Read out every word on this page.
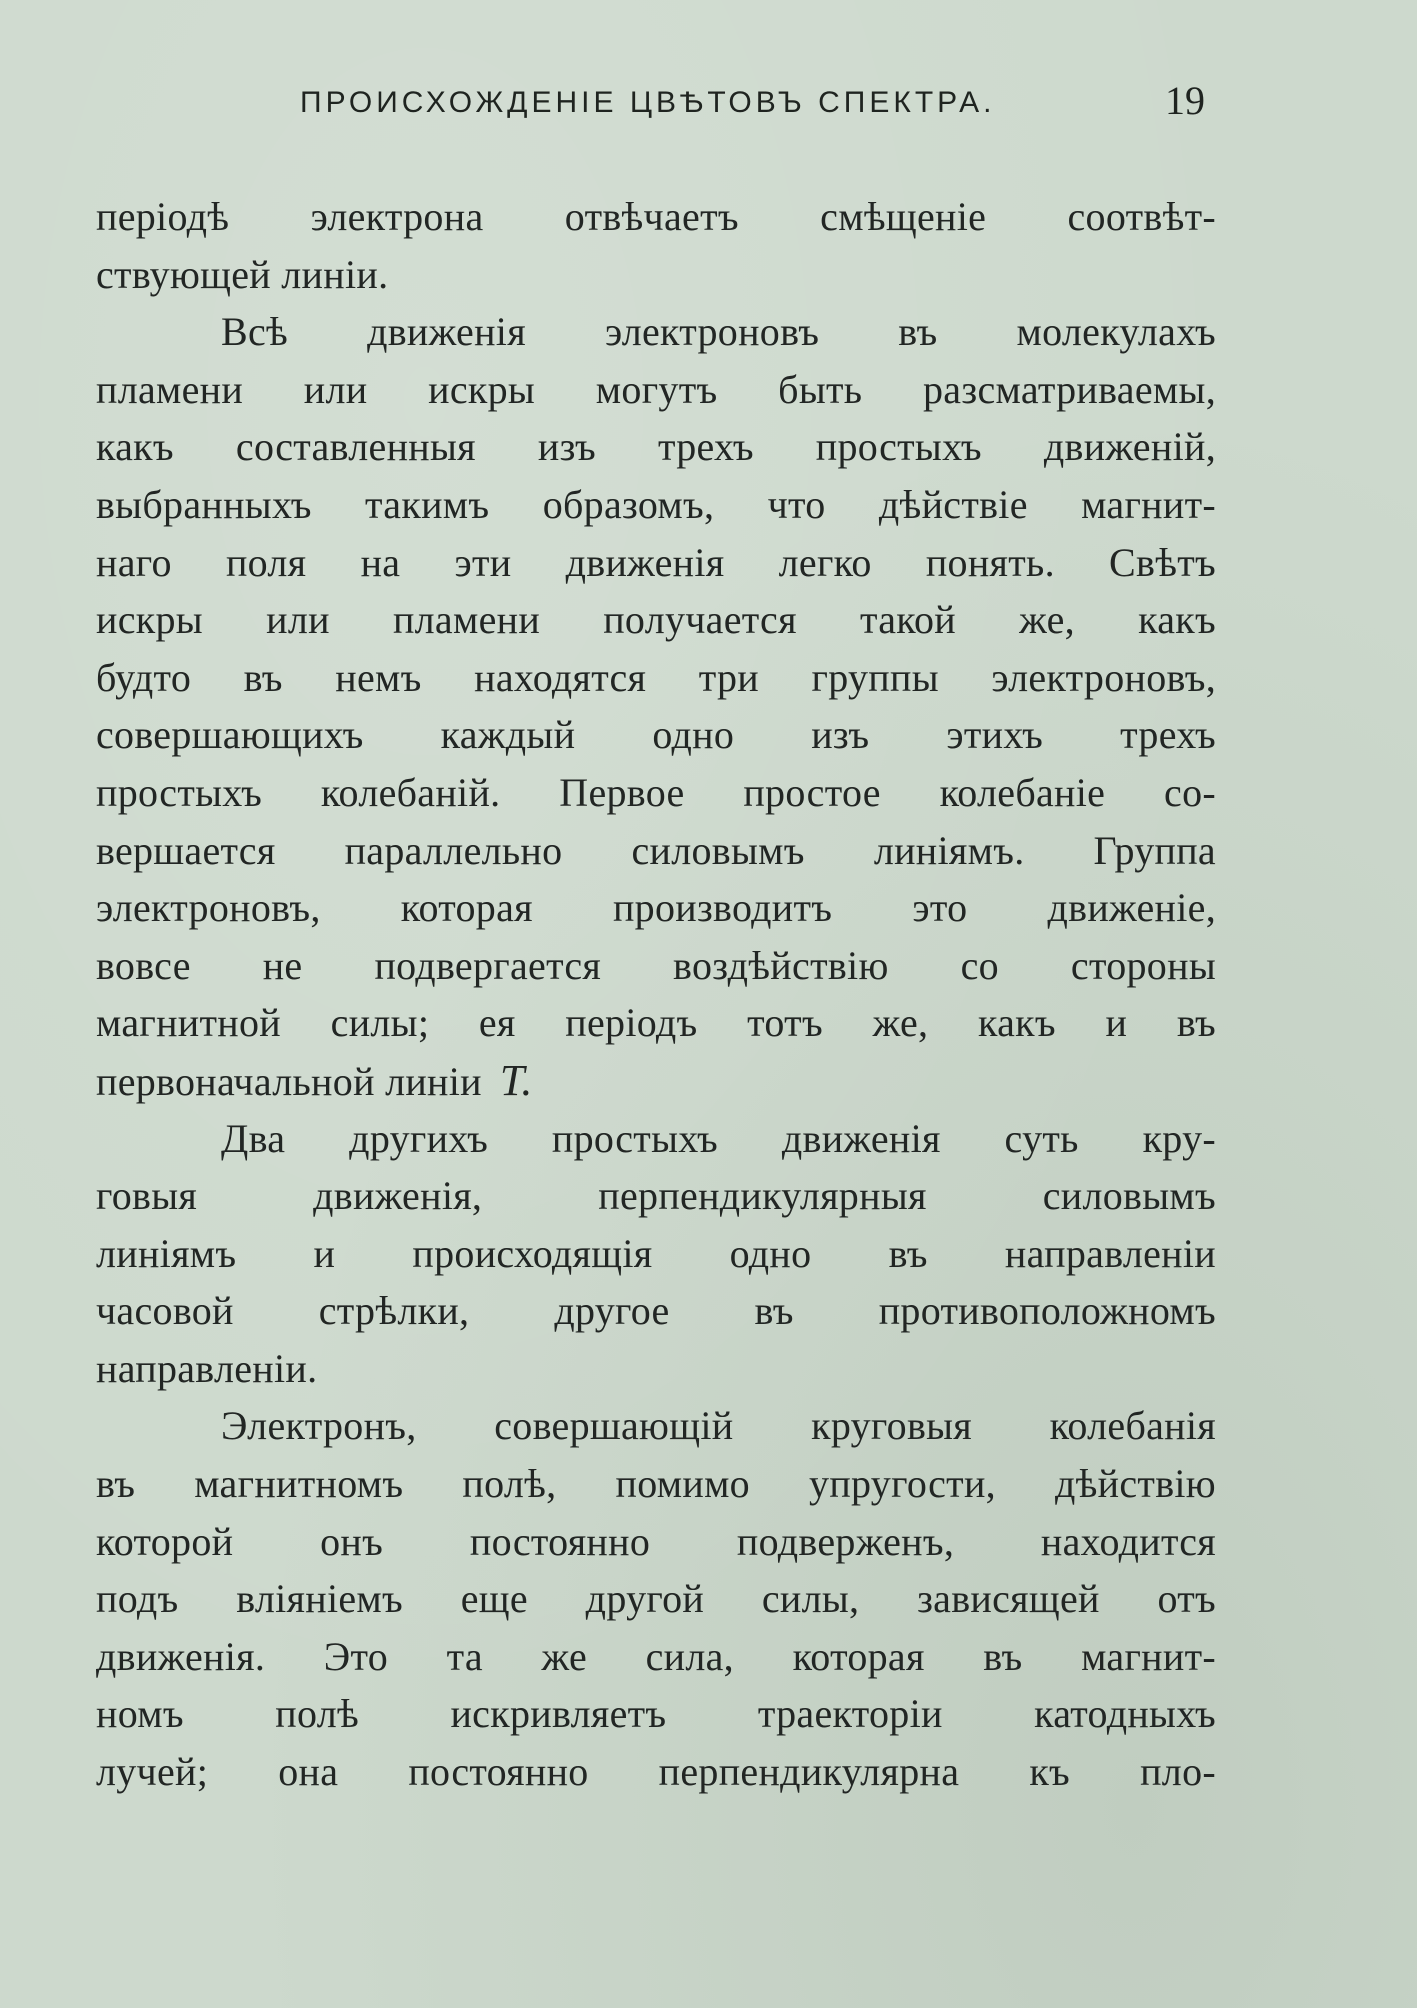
ПРОИСХОЖДЕНІЕ ЦВѢТОВЪ СПЕКТРА.	19
періодѣ электрона отвѣчаетъ смѣщеніе соотвѣт-
ствующей линіи.
Всѣ движенія электроновъ въ молекулахъ
пламени или искры могутъ быть разсматриваемы,
какъ составленныя изъ трехъ простыхъ движеній,
выбранныхъ такимъ образомъ, что дѣйствіе магнит-
наго поля на эти движенія легко понять. Свѣтъ
искры или пламени получается такой же, какъ
будто въ немъ находятся три группы электроновъ,
совершающихъ каждый одно изъ этихъ трехъ
простыхъ колебаній. Первое простое колебаніе со-
вершается параллельно силовымъ линіямъ. Группа
электроновъ, которая производитъ это движеніе,
вовсе не подвергается воздѣйствію со стороны
магнитной силы; ея періодъ тотъ же, какъ и въ
первоначальной линіи T.
Два другихъ простыхъ движенія суть кру-
говыя движенія, перпендикулярныя силовымъ
линіямъ и происходящія одно въ направленіи
часовой стрѣлки, другое въ противоположномъ
направленіи.
Электронъ, совершающій круговыя колебанія
въ магнитномъ полѣ, помимо упругости, дѣйствію
которой онъ постоянно подверженъ, находится
подъ вліяніемъ еще другой силы, зависящей отъ
движенія. Это та же сила, которая въ магнит-
номъ полѣ искривляетъ траекторіи катодныхъ
лучей; она постоянно перпендикулярна къ пло-
